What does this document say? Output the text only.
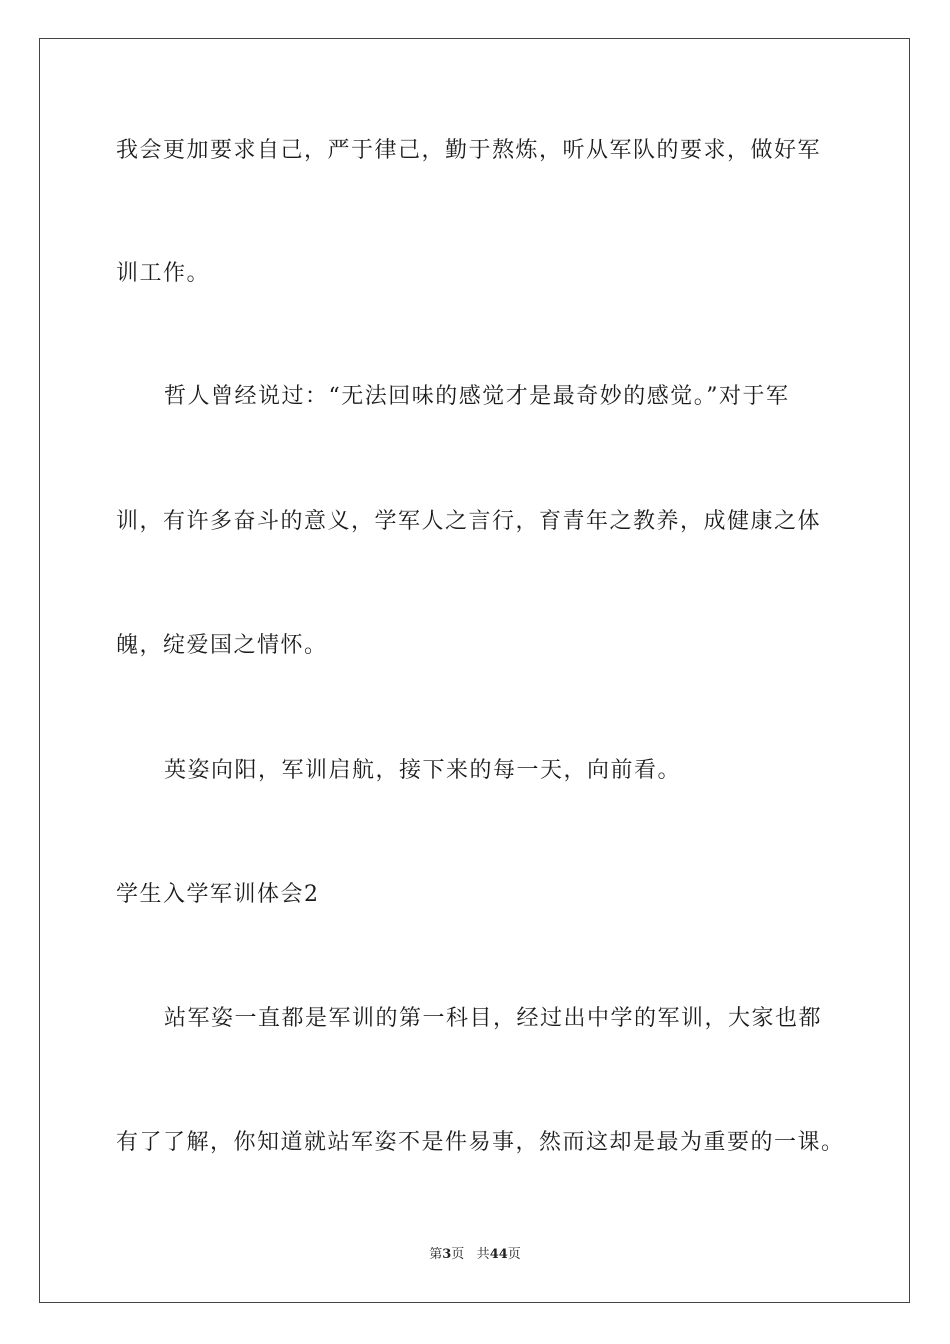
我会更加要求自己，严于律己，勤于熬炼，听从军队的要求，做好军
训工作。
哲人曾经说过：“无法回味的感觉才是最奇妙的感觉。”对于军
训，有许多奋斗的意义，学军人之言行，育青年之教养，成健康之体
魄，绽爱国之情怀。
英姿向阳，军训启航，接下来的每一天，向前看。
学生入学军训体会2
站军姿一直都是军训的第一科目，经过出中学的军训，大家也都
有了了解，你知道就站军姿不是件易事，然而这却是最为重要的一课。
第3页 共44页
